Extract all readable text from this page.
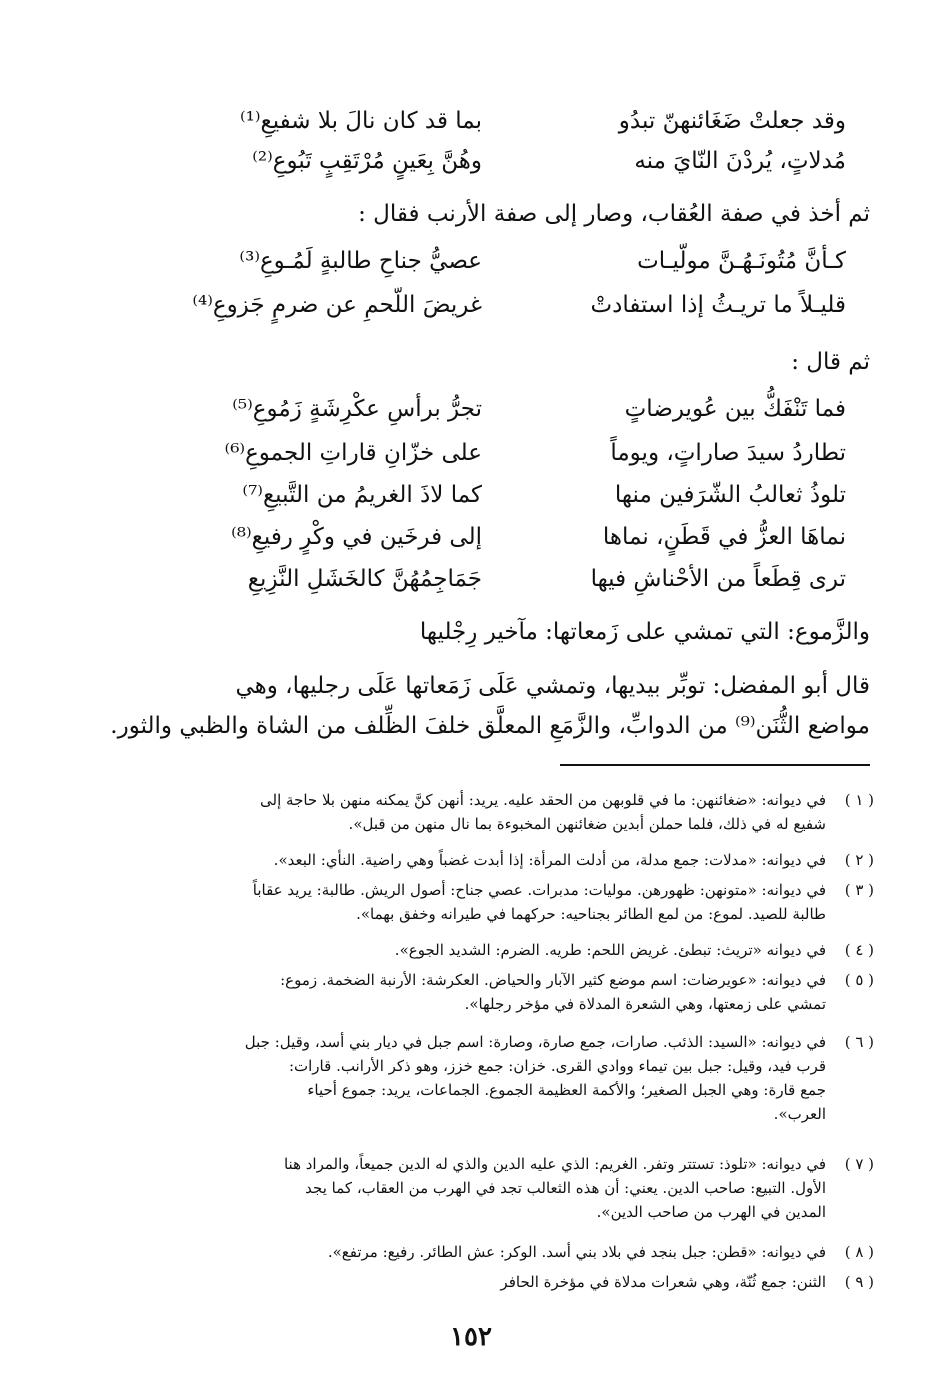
وقد جعلتْ ضَغَائنهنّ تبدُو
بما قد كان نالَ بلا شفيعِ⁽¹⁾
مُدلاتٍ، يُردْنَ النّايَ منه
وهُنَّ بِعَينٍ مُرْتَقِبٍ تَبُوعِ⁽²⁾
ثم أخذ في صفة العُقاب، وصار إلى صفة الأرنب فقال :
كـأنَّ مُتُونَـهُـنَّ مولّيـات
عصيُّ جناحِ طالبةٍ لَمُـوعِ⁽³⁾
قليـلاً ما تريـثُ إذا استفادتْ
غريضَ اللّحمِ عن ضرمٍ جَزوعِ⁽⁴⁾
ثم قال :
فما تَنْفَكُّ بين عُويرضاتٍ
تجرُّ برأسِ عكْرِشَةٍ زَمُوعِ⁽⁵⁾
تطاردُ سيدَ صاراتٍ، ويوماً
على خزّانِ قاراتِ الجموعِ⁽⁶⁾
تلوذُ ثعالبُ الشّرَفين منها
كما لاذَ الغريمُ من التَّبيعِ⁽⁷⁾
نماهَا العزُّ في قَطَنٍ، نماها
إلى فرخَين في وكْرٍ رفيعِ⁽⁸⁾
ترى قِطَعاً من الأحْناشِ فيها
جَمَاجِمُهُنَّ كالخَشَلِ النَّزِيعِ
والزَّموع: التي تمشي على زَمعاتها: مآخير رِجْليها
قال أبو المفضل: توبِّر بيديها، وتمشي عَلَى زَمَعاتها عَلَى رجليها، وهي
مواضع الثُّنَن⁽⁹⁾ من الدوابِّ، والزَّمَعِ المعلَّق خلفَ الظِّلف من الشاة والظبي والثور.
( ١ )في ديوانه: «ضغائنهن: ما في قلوبهن من الحقد عليه. يريد: أنهن كنَّ يمكنه منهن بلا حاجة إلى
شفيع له في ذلك، فلما حملن أبدين ضغائنهن المخبوءة بما نال منهن من قبل».
( ٢ )في ديوانه: «مدلات: جمع مدلة، من أدلت المرأة: إذا أبدت غضباً وهي راضية. النأي: البعد».
( ٣ )في ديوانه: «متونهن: ظهورهن. موليات: مدبرات. عصي جناح: أصول الريش. طالبة: يريد عقاباً
طالبة للصيد. لموع: من لمع الطائر بجناحيه: حركهما في طيرانه وخفق بهما».
( ٤ )في ديوانه «تريث: تبطئ. غريض اللحم: طريه. الضرم: الشديد الجوع».
( ٥ )في ديوانه: «عويرضات: اسم موضع كثير الآبار والحياض. العكرشة: الأرنبة الضخمة. زموع:
تمشي على زمعتها، وهي الشعرة المدلاة في مؤخر رجلها».
( ٦ )في ديوانه: «السيد: الذئب. صارات، جمع صارة، وصارة: اسم جبل في ديار بني أسد، وقيل: جبل
قرب فيد، وقيل: جبل بين تيماء ووادي القرى. خزان: جمع خزز، وهو ذكر الأرانب. قارات:
جمع قارة: وهي الجبل الصغير؛ والأكمة العظيمة الجموع. الجماعات، يريد: جموع أحياء
العرب».
( ٧ )في ديوانه: «تلوذ: تستتر وتفر. الغريم: الذي عليه الدين والذي له الدين جميعاً، والمراد هنا
الأول. التبيع: صاحب الدين. يعني: أن هذه الثعالب تجد في الهرب من العقاب، كما يجد
المدين في الهرب من صاحب الدين».
( ٨ )في ديوانه: «قطن: جبل بنجد في بلاد بني أسد. الوكر: عش الطائر. رفيع: مرتفع».
( ٩ )الثنن: جمع ثُنّة، وهي شعرات مدلاة في مؤخرة الحافر
١٥٢
